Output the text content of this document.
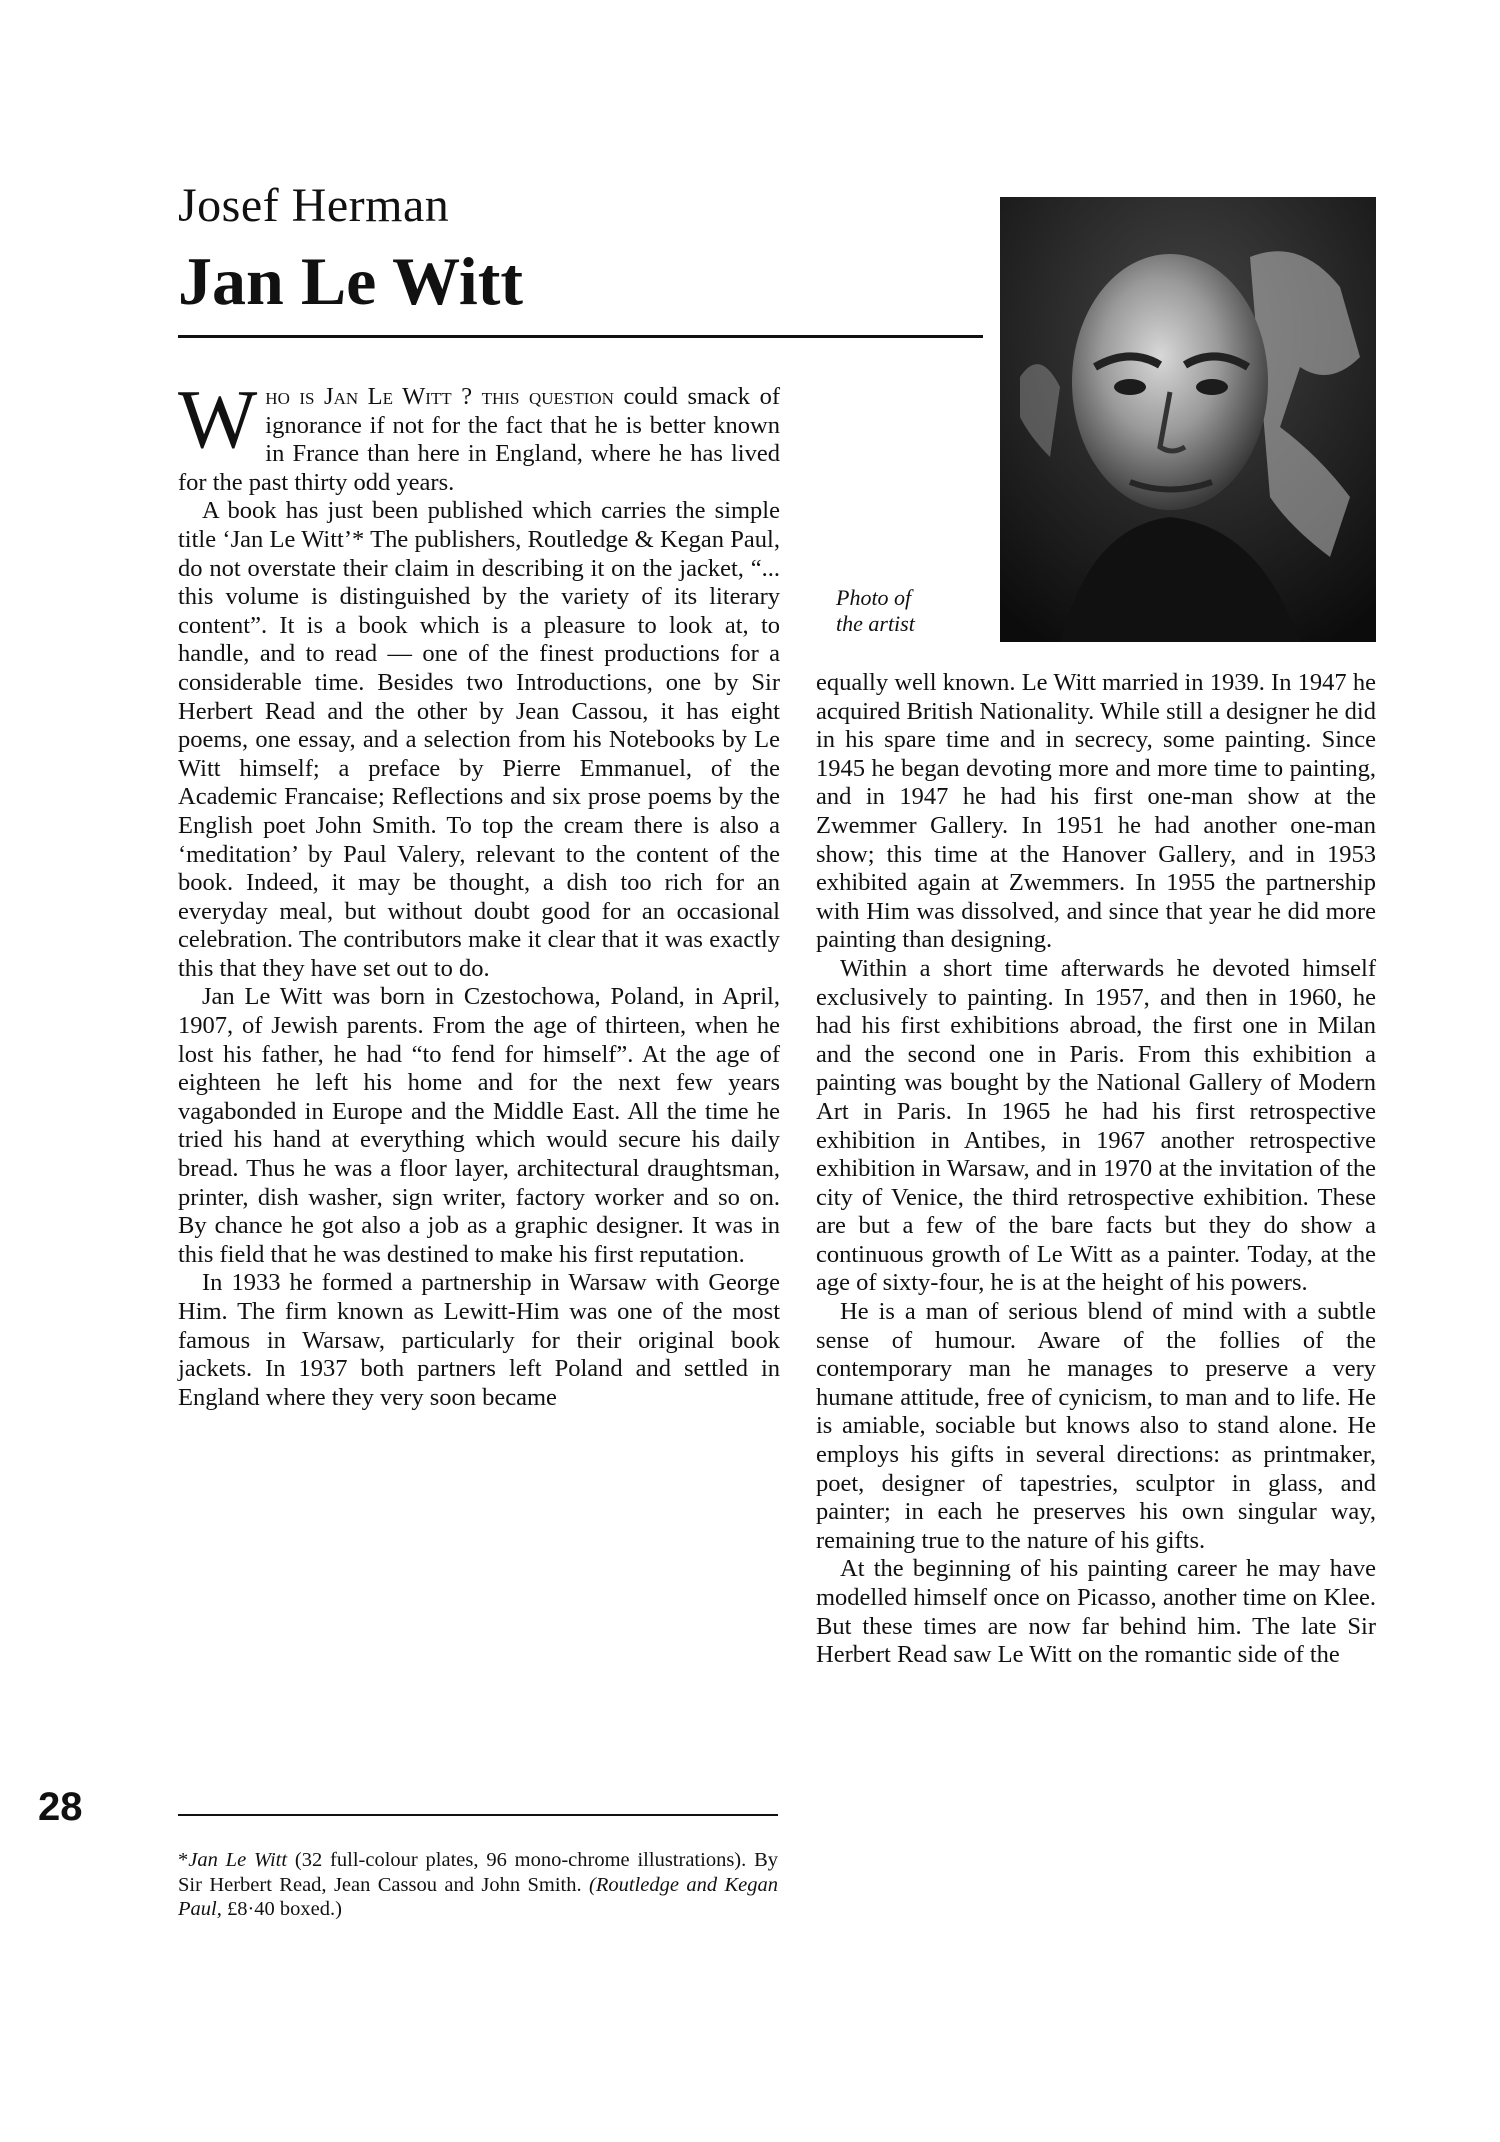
Josef Herman
Jan Le Witt

Photo of
the artist

Who is Jan Le Witt ? this question could smack of ignorance if not for the fact that he is better known in France than here in England, where he has lived for the past thirty odd years.

A book has just been published which carries the simple title ‘Jan Le Witt’* The publishers, Routledge & Kegan Paul, do not overstate their claim in describing it on the jacket, “... this volume is distinguished by the variety of its literary content”. It is a book which is a pleasure to look at, to handle, and to read — one of the finest productions for a considerable time. Besides two Introductions, one by Sir Herbert Read and the other by Jean Cassou, it has eight poems, one essay, and a selection from his Notebooks by Le Witt himself; a preface by Pierre Emmanuel, of the Academic Francaise; Reflections and six prose poems by the English poet John Smith. To top the cream there is also a ‘meditation’ by Paul Valery, relevant to the content of the book. Indeed, it may be thought, a dish too rich for an everyday meal, but without doubt good for an occasional celebration. The contributors make it clear that it was exactly this that they have set out to do.

Jan Le Witt was born in Czestochowa, Poland, in April, 1907, of Jewish parents. From the age of thirteen, when he lost his father, he had “to fend for himself”. At the age of eighteen he left his home and for the next few years vagabonded in Europe and the Middle East. All the time he tried his hand at everything which would secure his daily bread. Thus he was a floor layer, architectural draughtsman, printer, dish washer, sign writer, factory worker and so on. By chance he got also a job as a graphic designer. It was in this field that he was destined to make his first reputation.

In 1933 he formed a partnership in Warsaw with George Him. The firm known as Lewitt-Him was one of the most famous in Warsaw, particularly for their original book jackets. In 1937 both partners left Poland and settled in England where they very soon became

equally well known. Le Witt married in 1939. In 1947 he acquired British Nationality. While still a designer he did in his spare time and in secrecy, some painting. Since 1945 he began devoting more and more time to painting, and in 1947 he had his first one-man show at the Zwemmer Gallery. In 1951 he had another one-man show; this time at the Hanover Gallery, and in 1953 exhibited again at Zwemmers. In 1955 the partnership with Him was dissolved, and since that year he did more painting than designing.

Within a short time afterwards he devoted himself exclusively to painting. In 1957, and then in 1960, he had his first exhibitions abroad, the first one in Milan and the second one in Paris. From this exhibition a painting was bought by the National Gallery of Modern Art in Paris. In 1965 he had his first retrospective exhibition in Antibes, in 1967 another retrospective exhibition in Warsaw, and in 1970 at the invitation of the city of Venice, the third retrospective exhibition. These are but a few of the bare facts but they do show a continuous growth of Le Witt as a painter. Today, at the age of sixty-four, he is at the height of his powers.

He is a man of serious blend of mind with a subtle sense of humour. Aware of the follies of the contemporary man he manages to preserve a very humane attitude, free of cynicism, to man and to life. He is amiable, sociable but knows also to stand alone. He employs his gifts in several directions: as printmaker, poet, designer of tapestries, sculptor in glass, and painter; in each he preserves his own singular way, remaining true to the nature of his gifts.

At the beginning of his painting career he may have modelled himself once on Picasso, another time on Klee. But these times are now far behind him. The late Sir Herbert Read saw Le Witt on the romantic side of the

*Jan Le Witt (32 full-colour plates, 96 mono-chrome illustrations). By Sir Herbert Read, Jean Cassou and John Smith. (Routledge and Kegan Paul, £8·40 boxed.)

28
